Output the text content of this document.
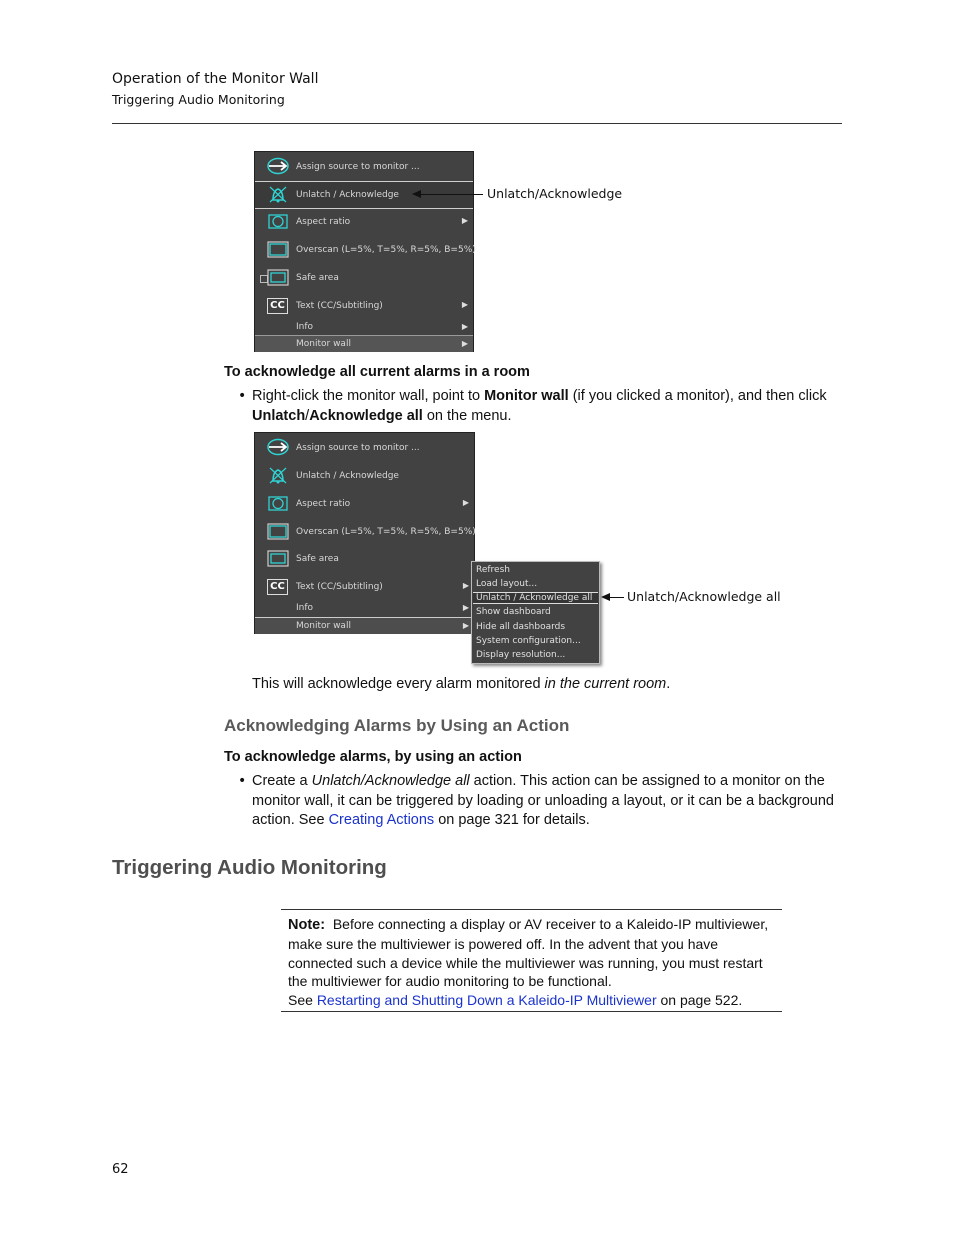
Operation of the Monitor Wall
Triggering Audio Monitoring
Assign source to monitor ...
Unlatch / Acknowledge
Aspect ratio	▶
Overscan (L=5%, T=5%, R=5%, B=5%)
Safe area
CC	Text (CC/Subtitling)	▶
Info	▶
Monitor wall	▶
Unlatch/Acknowledge
To acknowledge all current alarms in a room
• Right-click the monitor wall, point to Monitor wall (if you clicked a monitor), and then click Unlatch/Acknowledge all on the menu.
Assign source to monitor ...
Unlatch / Acknowledge
Aspect ratio	▶
Overscan (L=5%, T=5%, R=5%, B=5%)
Safe area
CC	Text (CC/Subtitling)	▶
Info	▶
Monitor wall	▶
Refresh
Load layout...
Unlatch / Acknowledge all
Show dashboard
Hide all dashboards
System configuration...
Display resolution...
Unlatch/Acknowledge all
This will acknowledge every alarm monitored in the current room.
Acknowledging Alarms by Using an Action
To acknowledge alarms, by using an action
• Create a Unlatch/Acknowledge all action. This action can be assigned to a monitor on the monitor wall, it can be triggered by loading or unloading a layout, or it can be a background action. See Creating Actions on page 321 for details.
Triggering Audio Monitoring
Note: Before connecting a display or AV receiver to a Kaleido-IP multiviewer, make sure the multiviewer is powered off. In the advent that you have connected such a device while the multiviewer was running, you must restart the multiviewer for audio monitoring to be functional.
See Restarting and Shutting Down a Kaleido-IP Multiviewer on page 522.
62
